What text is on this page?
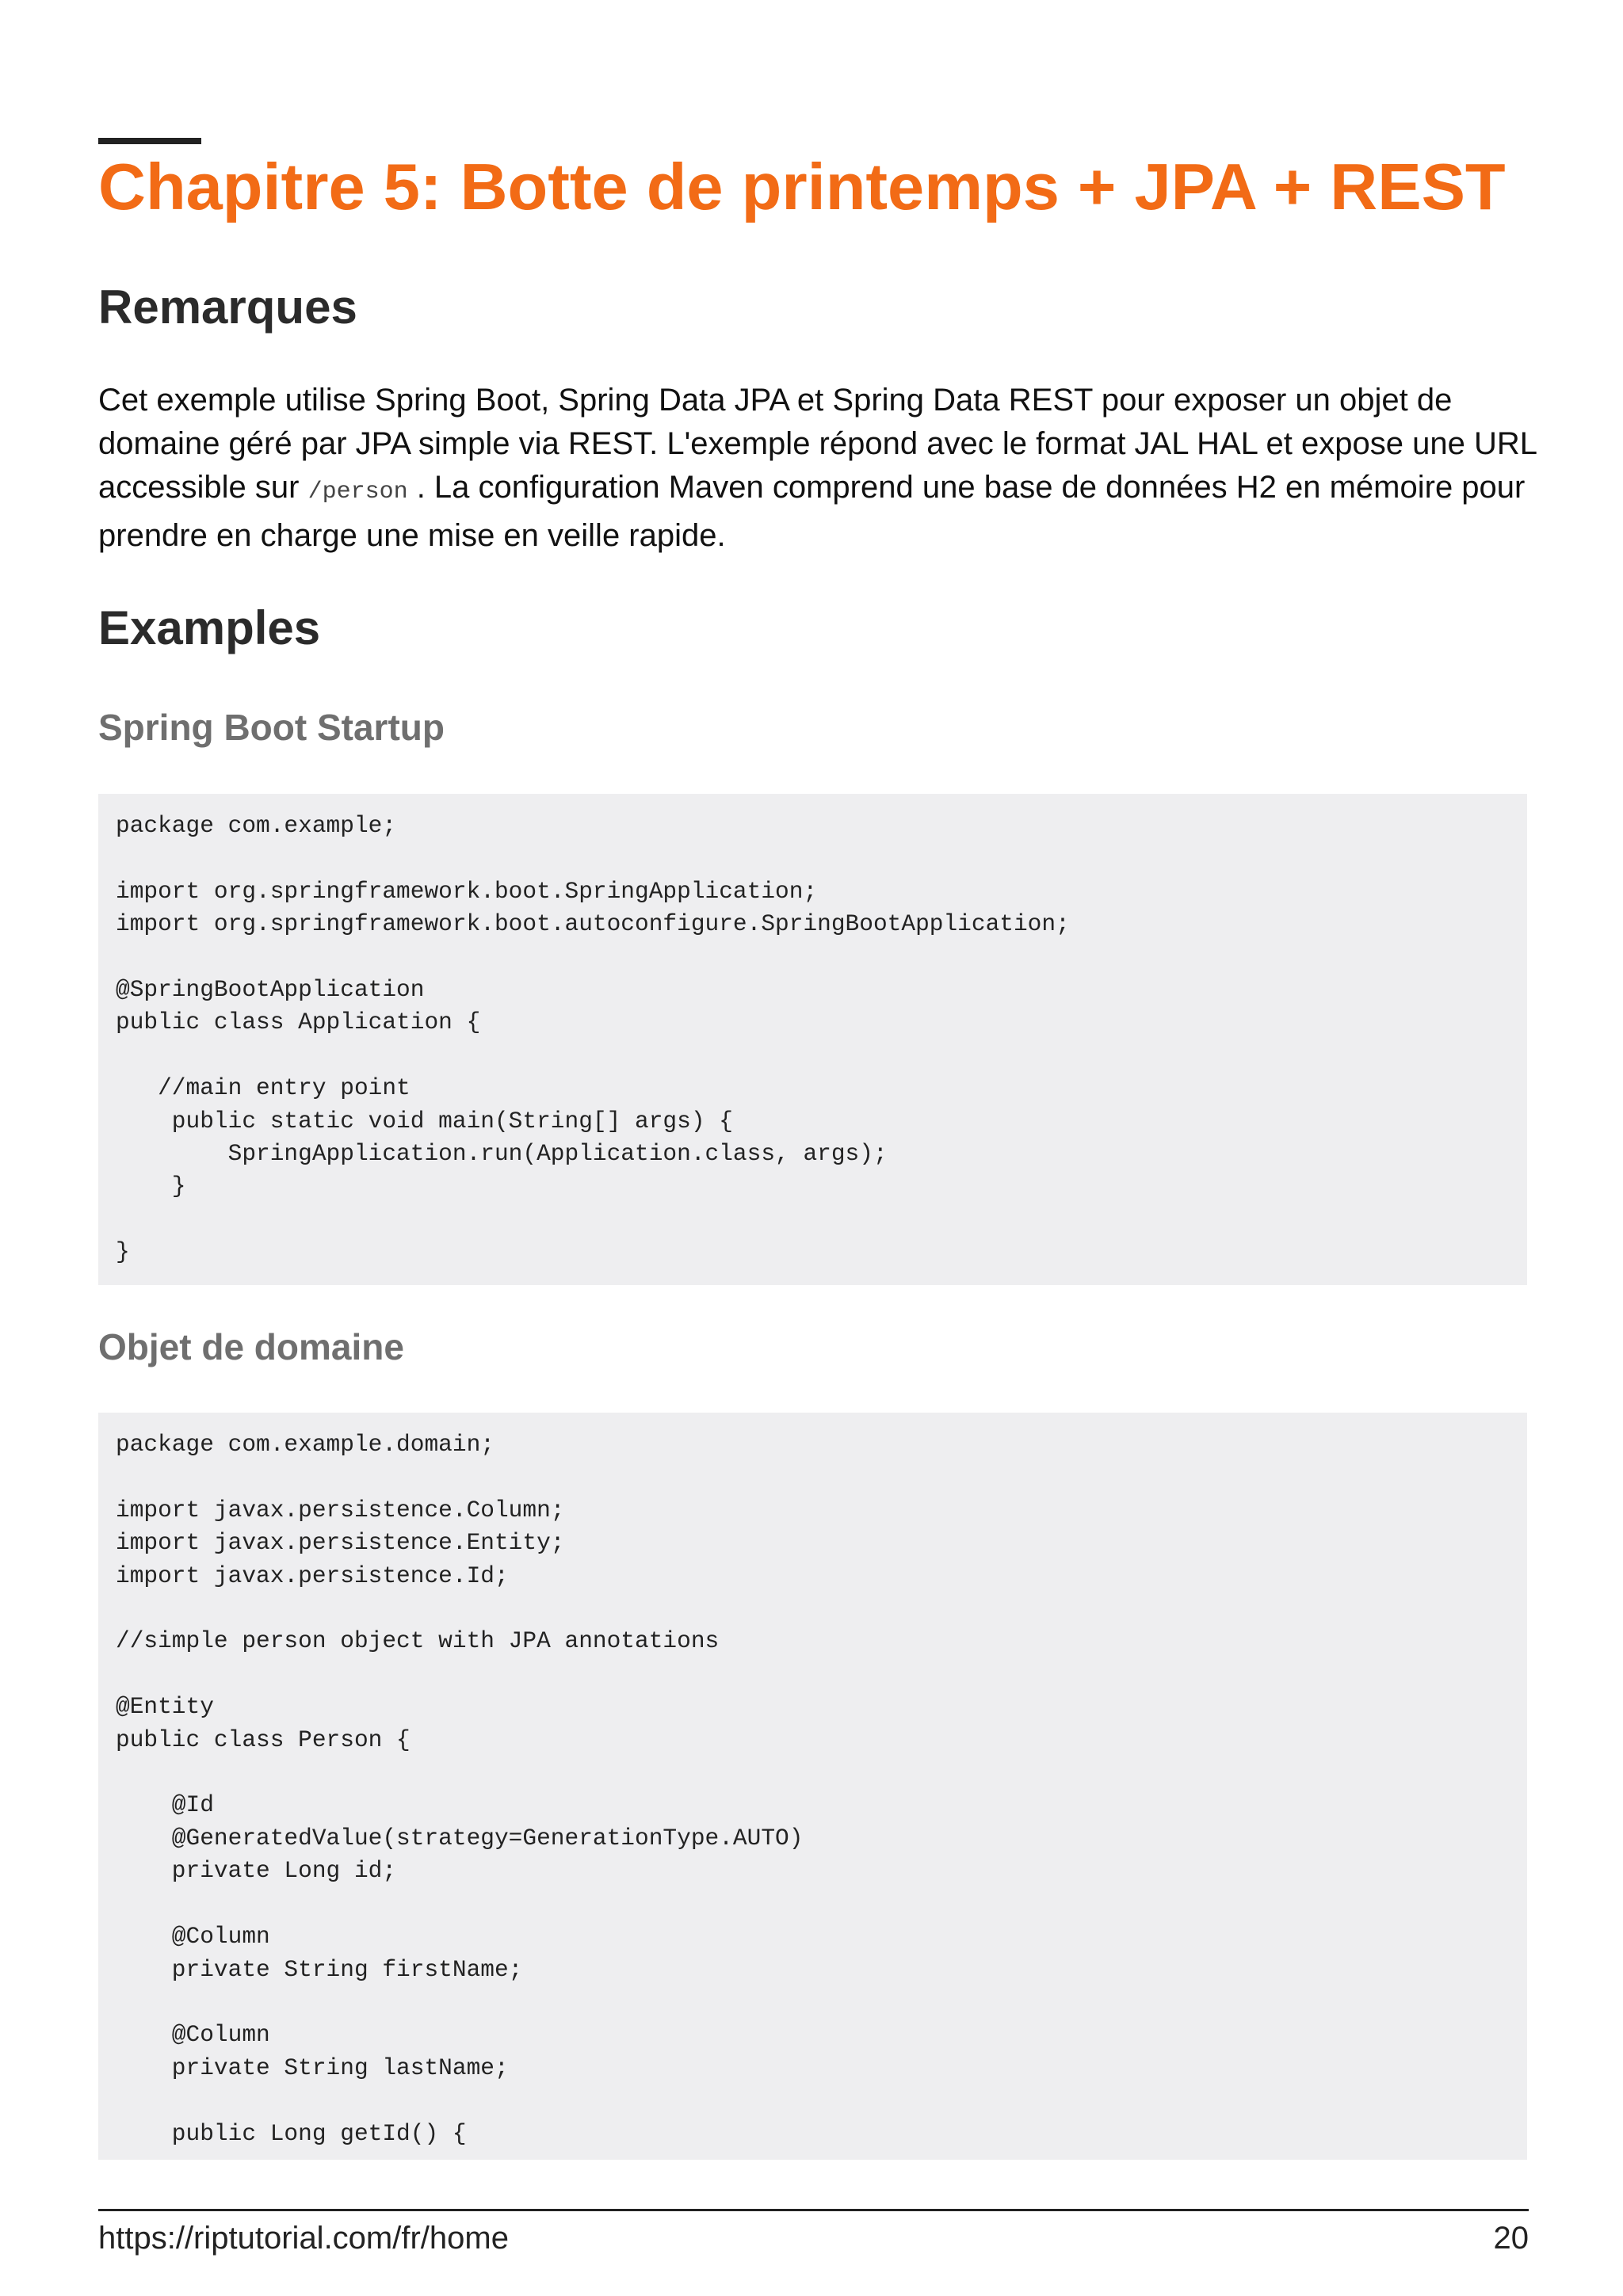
Chapitre 5: Botte de printemps + JPA + REST
Remarques

Cet exemple utilise Spring Boot, Spring Data JPA et Spring Data REST pour exposer un objet de domaine géré par JPA simple via REST. L'exemple répond avec le format JAL HAL et expose une URL accessible sur /person . La configuration Maven comprend une base de données H2 en mémoire pour prendre en charge une mise en veille rapide.

Examples
Spring Boot Startup
package com.example;

import org.springframework.boot.SpringApplication;
import org.springframework.boot.autoconfigure.SpringBootApplication;

@SpringBootApplication
public class Application {

//main entry point
public static void main(String[] args) {
SpringApplication.run(Application.class, args);
}

}
Objet de domaine
package com.example.domain;

import javax.persistence.Column;
import javax.persistence.Entity;
import javax.persistence.Id;

//simple person object with JPA annotations

@Entity
public class Person {

@Id
@GeneratedValue(strategy=GenerationType.AUTO)
private Long id;

@Column
private String firstName;

@Column
private String lastName;

public Long getId() {
https://riptutorial.com/fr/home	20
